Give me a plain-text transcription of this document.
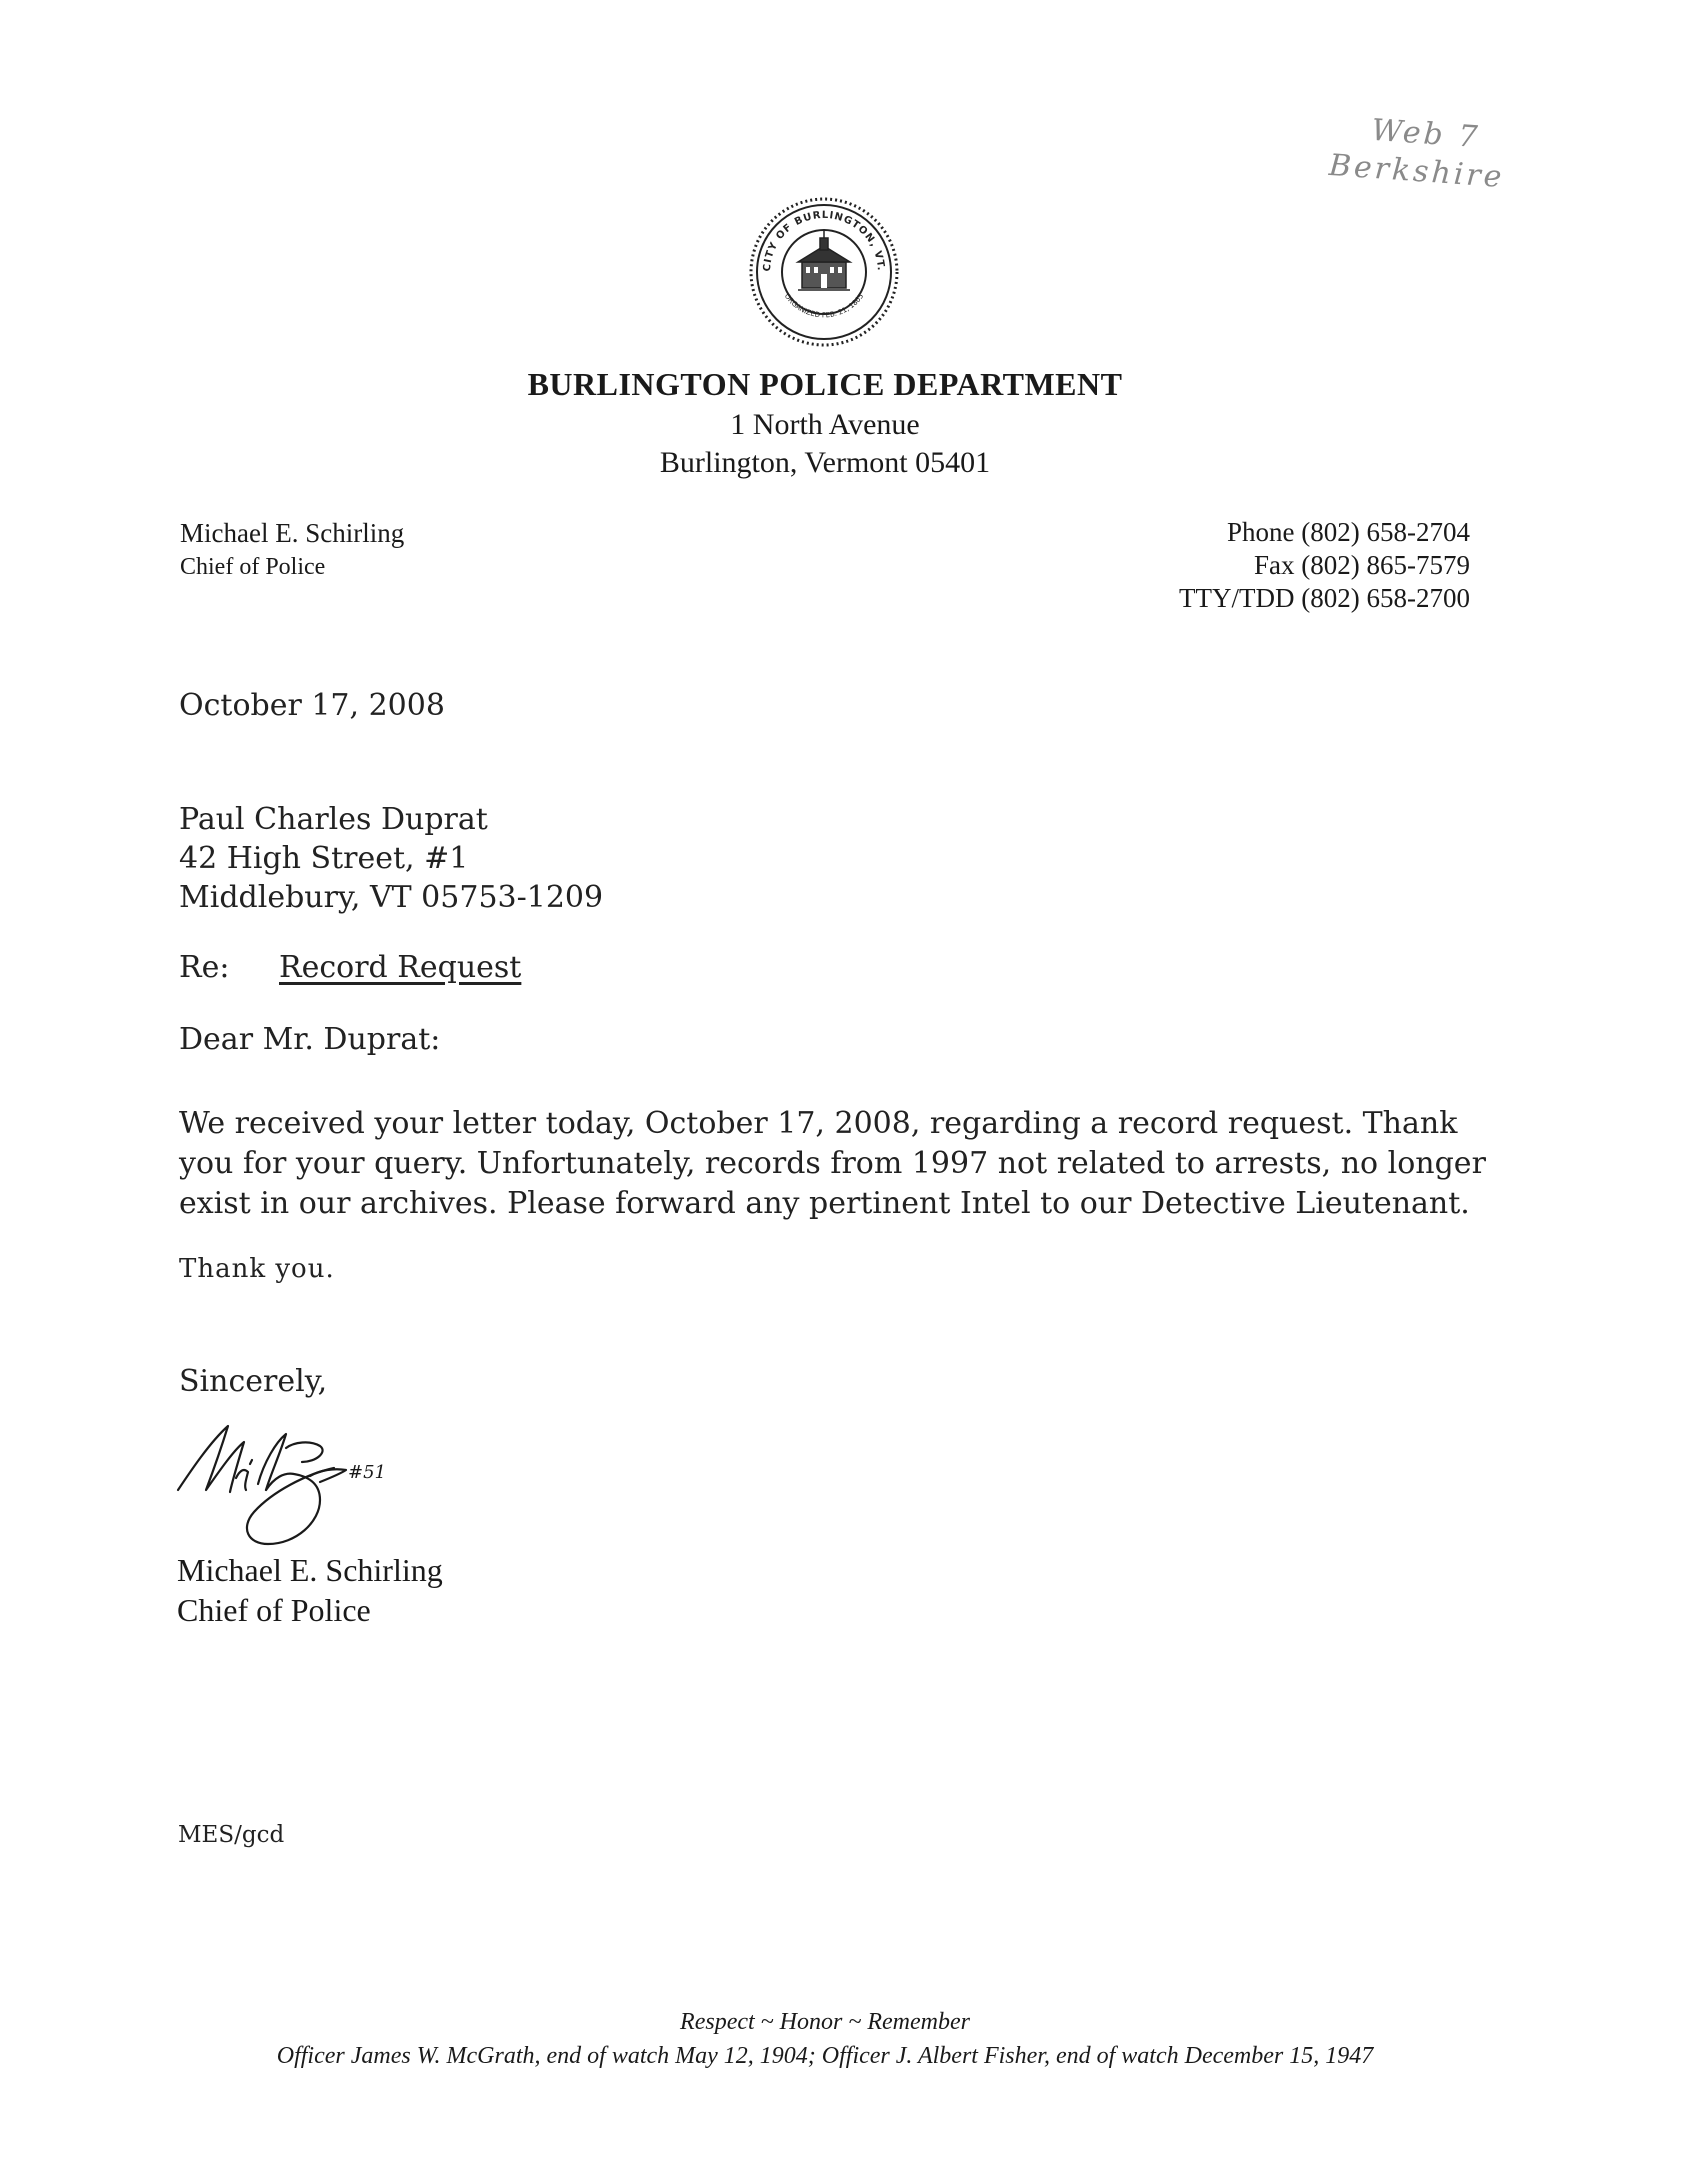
Web 7
Berkshire
CITY OF BURLINGTON, VT.
ORGANIZED FEB. 21, 1865
BURLINGTON POLICE DEPARTMENT
1 North Avenue
Burlington, Vermont 05401
Michael E. Schirling
Chief of Police
Phone (802) 658-2704
Fax (802) 865-7579
TTY/TDD (802) 658-2700
October 17, 2008
Paul Charles Duprat
42 High Street, #1
Middlebury, VT 05753-1209
Re: Record Request
Dear Mr. Duprat:
We received your letter today, October 17, 2008, regarding a record request. Thank you for your query. Unfortunately, records from 1997 not related to arrests, no longer exist in our archives. Please forward any pertinent Intel to our Detective Lieutenant.
Thank you.
Sincerely,
#51
Michael E. Schirling
Chief of Police
MES/gcd
Respect ~ Honor ~ Remember
Officer James W. McGrath, end of watch May 12, 1904; Officer J. Albert Fisher, end of watch December 15, 1947
